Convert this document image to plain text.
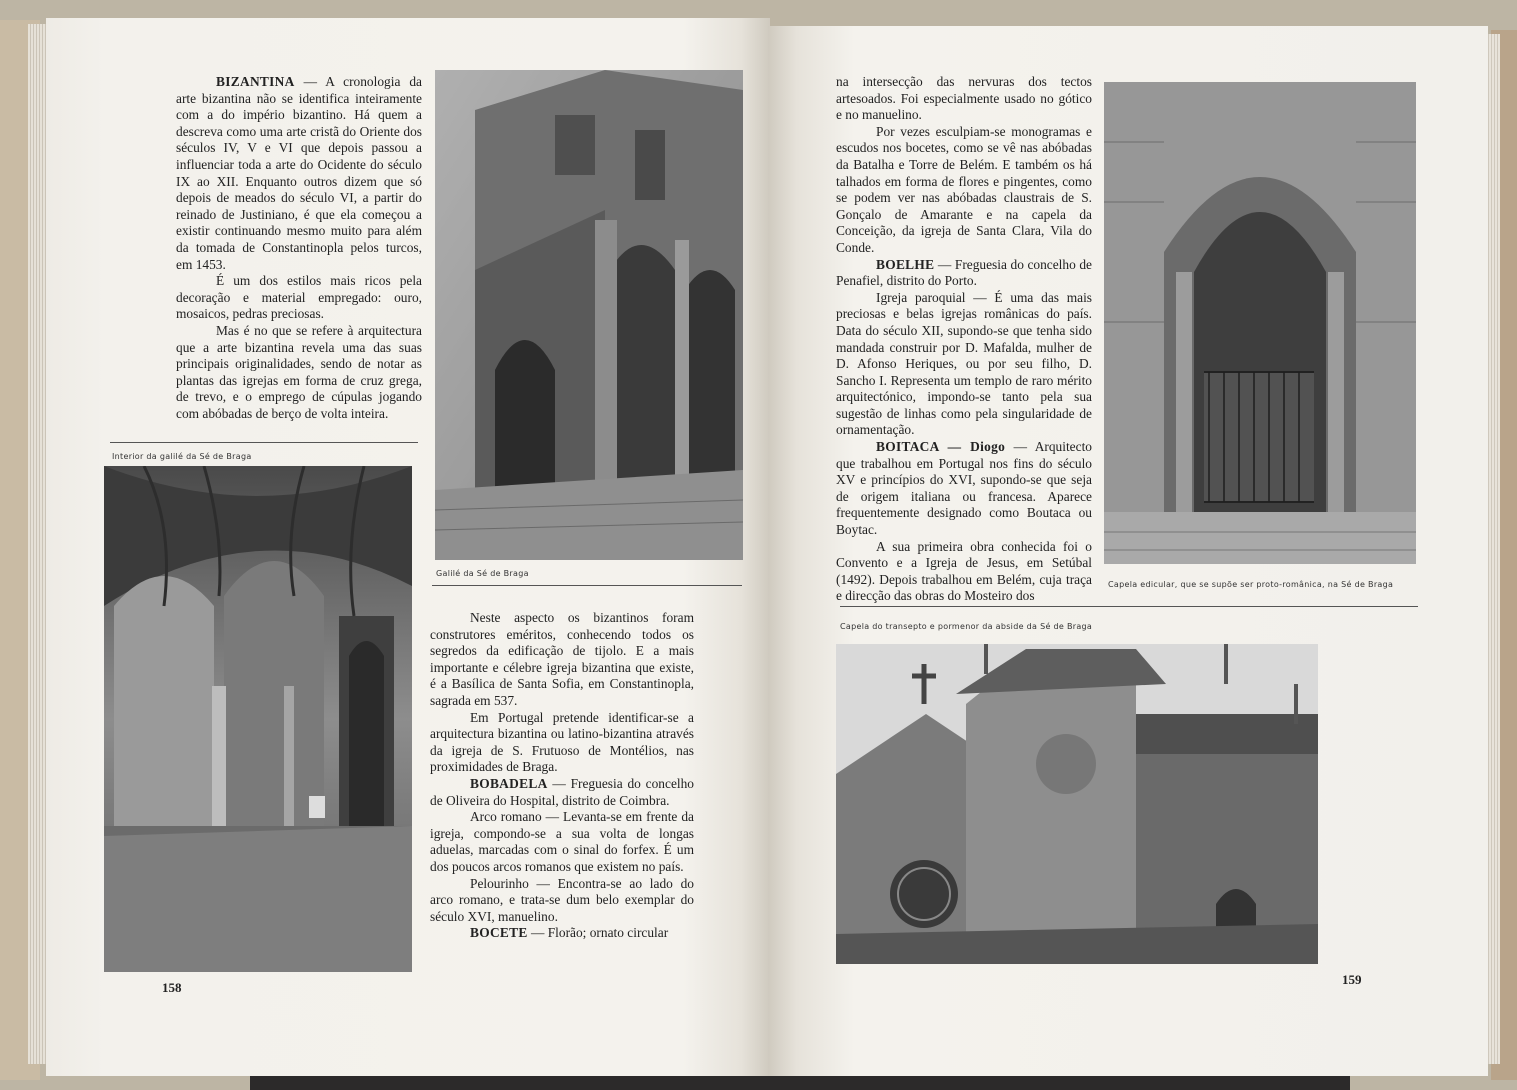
BIZANTINA — A cronologia da arte bizantina não se identifica inteiramente com a do império bizantino. Há quem a descreva como uma arte cristã do Oriente dos séculos IV, V e VI que depois passou a influenciar toda a arte do Ocidente do século IX ao XII. Enquanto outros dizem que só depois de meados do século VI, a partir do reinado de Justiniano, é que ela começou a existir continuando mesmo muito para além da tomada de Constantinopla pelos turcos, em 1453.

É um dos estilos mais ricos pela decoração e material empregado: ouro, mosaicos, pedras preciosas.

Mas é no que se refere à arquitectura que a arte bizantina revela uma das suas principais originalidades, sendo de notar as plantas das igrejas em forma de cruz grega, de trevo, e o emprego de cúpulas jogando com abóbadas de berço de volta inteira.

Interior da galilé da Sé de Braga
Galilé da Sé de Braga

Neste aspecto os bizantinos foram construtores eméritos, conhecendo todos os segredos da edificação de tijolo. E a mais importante e célebre igreja bizantina que existe, é a Basílica de Santa Sofia, em Constantinopla, sagrada em 537.

Em Portugal pretende identificar-se a arquitectura bizantina ou latino-bizantina através da igreja de S. Frutuoso de Montélios, nas proximidades de Braga.

BOBADELA — Freguesia do concelho de Oliveira do Hospital, distrito de Coimbra.

Arco romano — Levanta-se em frente da igreja, compondo-se a sua volta de longas aduelas, marcadas com o sinal do forfex. É um dos poucos arcos romanos que existem no país.

Pelourinho — Encontra-se ao lado do arco romano, e trata-se dum belo exemplar do século XVI, manuelino.

BOCETE — Florão; ornato circular

158

na intersecção das nervuras dos tectos artesoados. Foi especialmente usado no gótico e no manuelino.

Por vezes esculpiam-se monogramas e escudos nos bocetes, como se vê nas abóbadas da Batalha e Torre de Belém. E também os há talhados em forma de flores e pingentes, como se podem ver nas abóbadas claustrais de S. Gonçalo de Amarante e na capela da Conceição, da igreja de Santa Clara, Vila do Conde.

BOELHE — Freguesia do concelho de Penafiel, distrito do Porto.

Igreja paroquial — É uma das mais preciosas e belas igrejas românicas do país. Data do século XII, supondo-se que tenha sido mandada construir por D. Mafalda, mulher de D. Afonso Heriques, ou por seu filho, D. Sancho I. Representa um templo de raro mérito arquitectónico, impondo-se tanto pela sua sugestão de linhas como pela singularidade de ornamentação.

BOITACA — Diogo — Arquitecto que trabalhou em Portugal nos fins do século XV e princípios do XVI, supondo-se que seja de origem italiana ou francesa. Aparece frequentemente designado como Boutaca ou Boytac.

A sua primeira obra conhecida foi o Convento e a Igreja de Jesus, em Setúbal (1492). Depois trabalhou em Belém, cuja traça e direcção das obras do Mosteiro dos

Capela edicular, que se supõe ser proto-românica, na Sé de Braga
Capela do transepto e pormenor da abside da Sé de Braga
159
